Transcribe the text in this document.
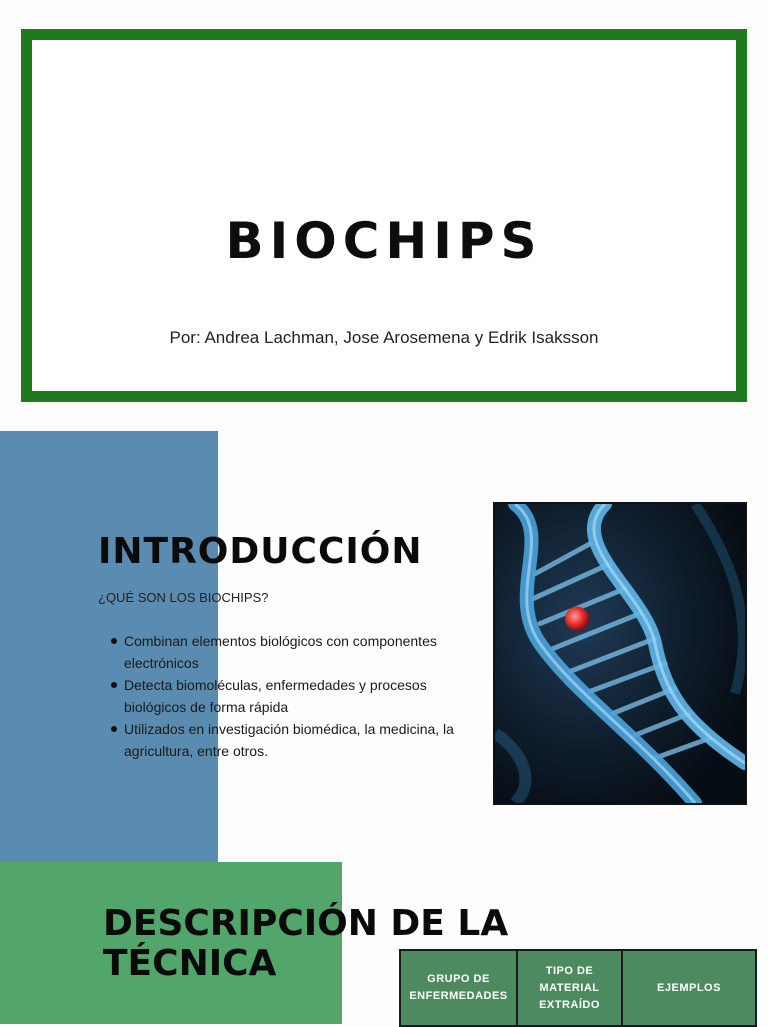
BIOCHIPS

Por: Andrea Lachman, Jose Arosemena y Edrik Isaksson

INTRODUCCIÓN

¿QUÉ SON LOS BIOCHIPS?

Combinan elementos biológicos con componentes electrónicos
Detecta biomoléculas, enfermedades y procesos biológicos de forma rápida
Utilizados en investigación biomédica, la medicina, la agricultura, entre otros.
DESCRIPCIÓN DE LA TÉCNICA	GRUPO DE ENFERMEDADES	TIPO DE MATERIAL EXTRAÍDO	EJEMPLOS
